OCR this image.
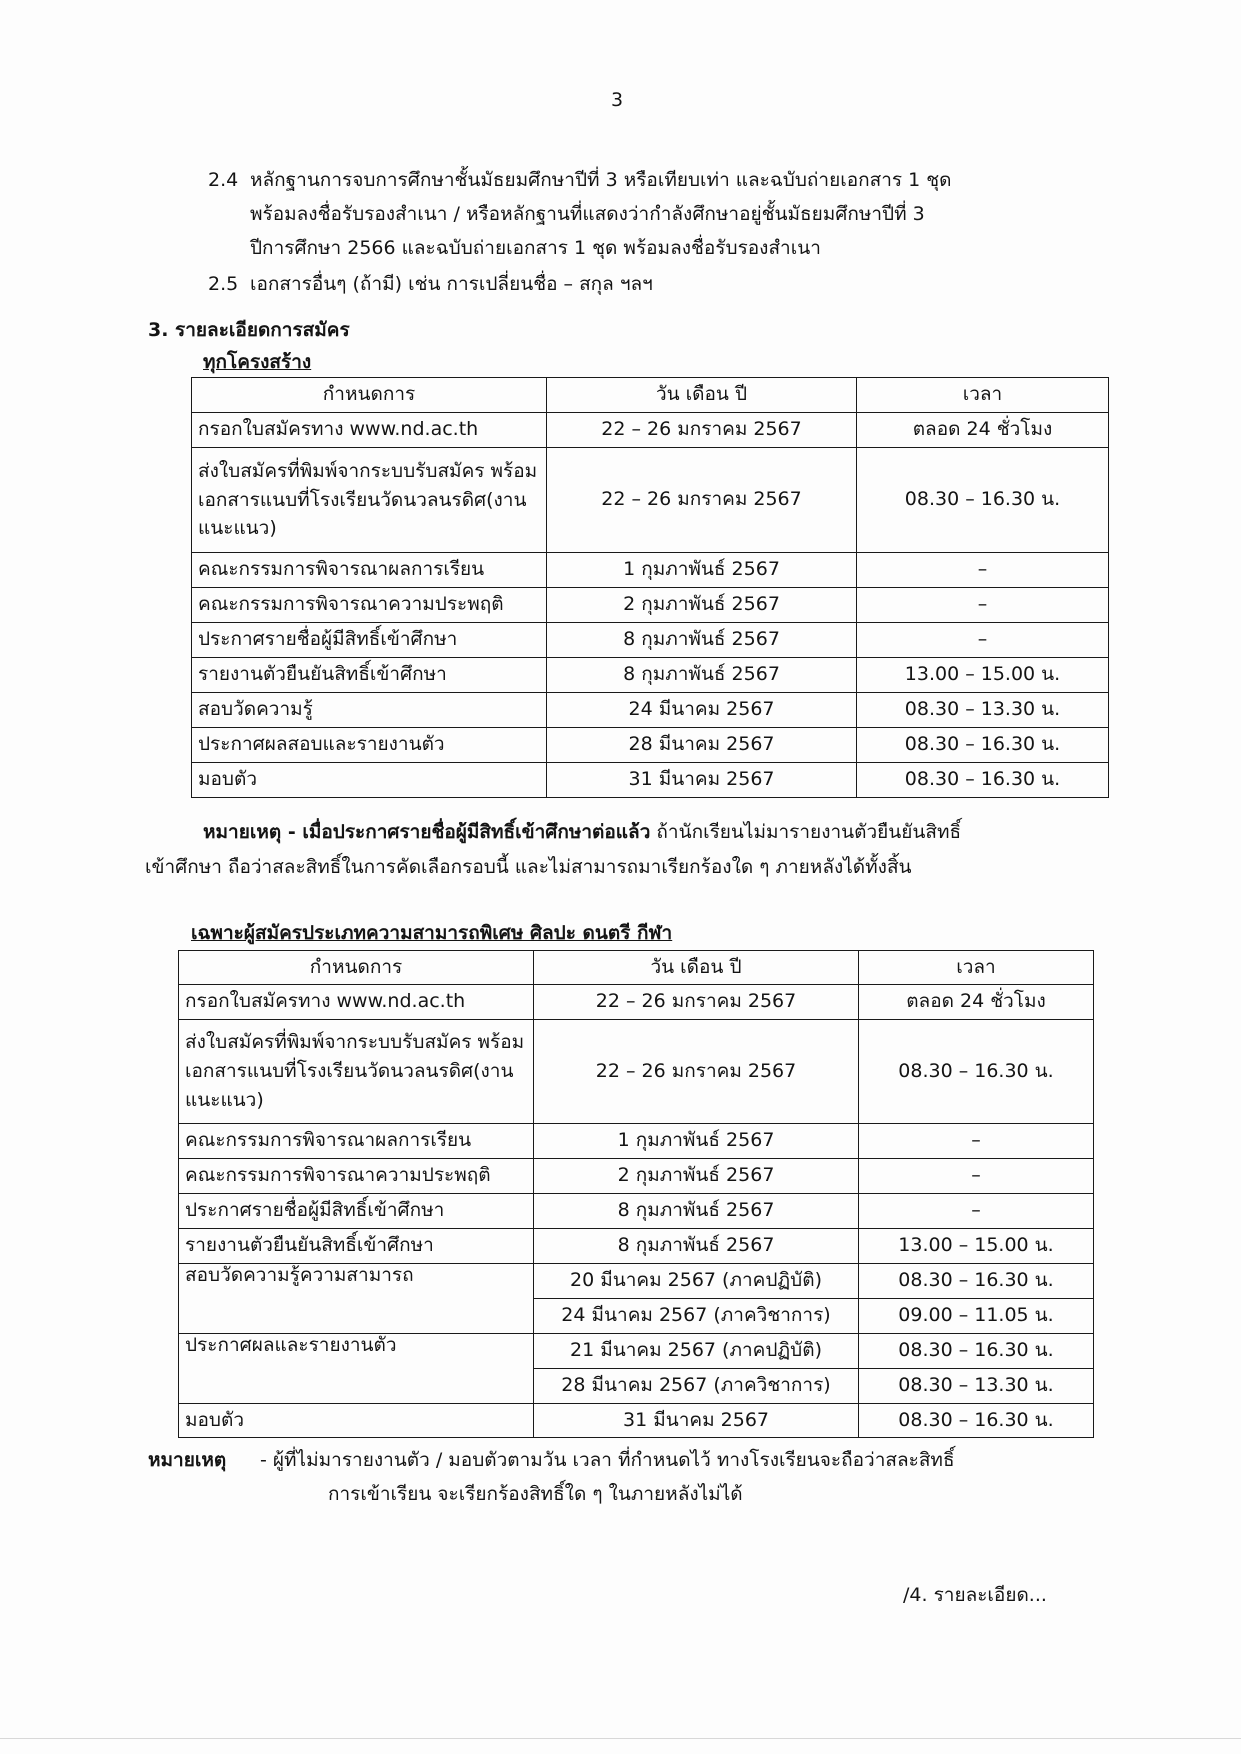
3
2.4 หลักฐานการจบการศึกษาชั้นมัธยมศึกษาปีที่ 3 หรือเทียบเท่า และฉบับถ่ายเอกสาร 1 ชุด
พร้อมลงชื่อรับรองสำเนา / หรือหลักฐานที่แสดงว่ากำลังศึกษาอยู่ชั้นมัธยมศึกษาปีที่ 3
ปีการศึกษา 2566 และฉบับถ่ายเอกสาร 1 ชุด พร้อมลงชื่อรับรองสำเนา
2.5 เอกสารอื่นๆ (ถ้ามี) เช่น การเปลี่ยนชื่อ – สกุล ฯลฯ
3. รายละเอียดการสมัคร
ทุกโครงสร้าง
กำหนดการ	วัน เดือน ปี	เวลา
กรอกใบสมัครทาง www.nd.ac.th	22 – 26 มกราคม 2567	ตลอด 24 ชั่วโมง
ส่งใบสมัครที่พิมพ์จากระบบรับสมัคร พร้อมเอกสารแนบที่โรงเรียนวัดนวลนรดิศ(งานแนะแนว)	22 – 26 มกราคม 2567	08.30 – 16.30 น.
คณะกรรมการพิจารณาผลการเรียน	1 กุมภาพันธ์ 2567	–
คณะกรรมการพิจารณาความประพฤติ	2 กุมภาพันธ์ 2567	–
ประกาศรายชื่อผู้มีสิทธิ์เข้าศึกษา	8 กุมภาพันธ์ 2567	–
รายงานตัวยืนยันสิทธิ์เข้าศึกษา	8 กุมภาพันธ์ 2567	13.00 – 15.00 น.
สอบวัดความรู้	24 มีนาคม 2567	08.30 – 13.30 น.
ประกาศผลสอบและรายงานตัว	28 มีนาคม 2567	08.30 – 16.30 น.
มอบตัว	31 มีนาคม 2567	08.30 – 16.30 น.
หมายเหตุ - เมื่อประกาศรายชื่อผู้มีสิทธิ์เข้าศึกษาต่อแล้ว ถ้านักเรียนไม่มารายงานตัวยืนยันสิทธิ์
เข้าศึกษา ถือว่าสละสิทธิ์ในการคัดเลือกรอบนี้ และไม่สามารถมาเรียกร้องใด ๆ ภายหลังได้ทั้งสิ้น
เฉพาะผู้สมัครประเภทความสามารถพิเศษ ศิลปะ ดนตรี กีฬา
กำหนดการ	วัน เดือน ปี	เวลา
กรอกใบสมัครทาง www.nd.ac.th	22 – 26 มกราคม 2567	ตลอด 24 ชั่วโมง
ส่งใบสมัครที่พิมพ์จากระบบรับสมัคร พร้อมเอกสารแนบที่โรงเรียนวัดนวลนรดิศ(งานแนะแนว)	22 – 26 มกราคม 2567	08.30 – 16.30 น.
คณะกรรมการพิจารณาผลการเรียน	1 กุมภาพันธ์ 2567	–
คณะกรรมการพิจารณาความประพฤติ	2 กุมภาพันธ์ 2567	–
ประกาศรายชื่อผู้มีสิทธิ์เข้าศึกษา	8 กุมภาพันธ์ 2567	–
รายงานตัวยืนยันสิทธิ์เข้าศึกษา	8 กุมภาพันธ์ 2567	13.00 – 15.00 น.
สอบวัดความรู้ความสามารถ	20 มีนาคม 2567 (ภาคปฏิบัติ)	08.30 – 16.30 น.
	24 มีนาคม 2567 (ภาควิชาการ)	09.00 – 11.05 น.
ประกาศผลและรายงานตัว	21 มีนาคม 2567 (ภาคปฏิบัติ)	08.30 – 16.30 น.
	28 มีนาคม 2567 (ภาควิชาการ)	08.30 – 13.30 น.
มอบตัว	31 มีนาคม 2567	08.30 – 16.30 น.
หมายเหตุ - ผู้ที่ไม่มารายงานตัว / มอบตัวตามวัน เวลา ที่กำหนดไว้ ทางโรงเรียนจะถือว่าสละสิทธิ์
การเข้าเรียน จะเรียกร้องสิทธิ์ใด ๆ ในภายหลังไม่ได้
/4. รายละเอียด...
